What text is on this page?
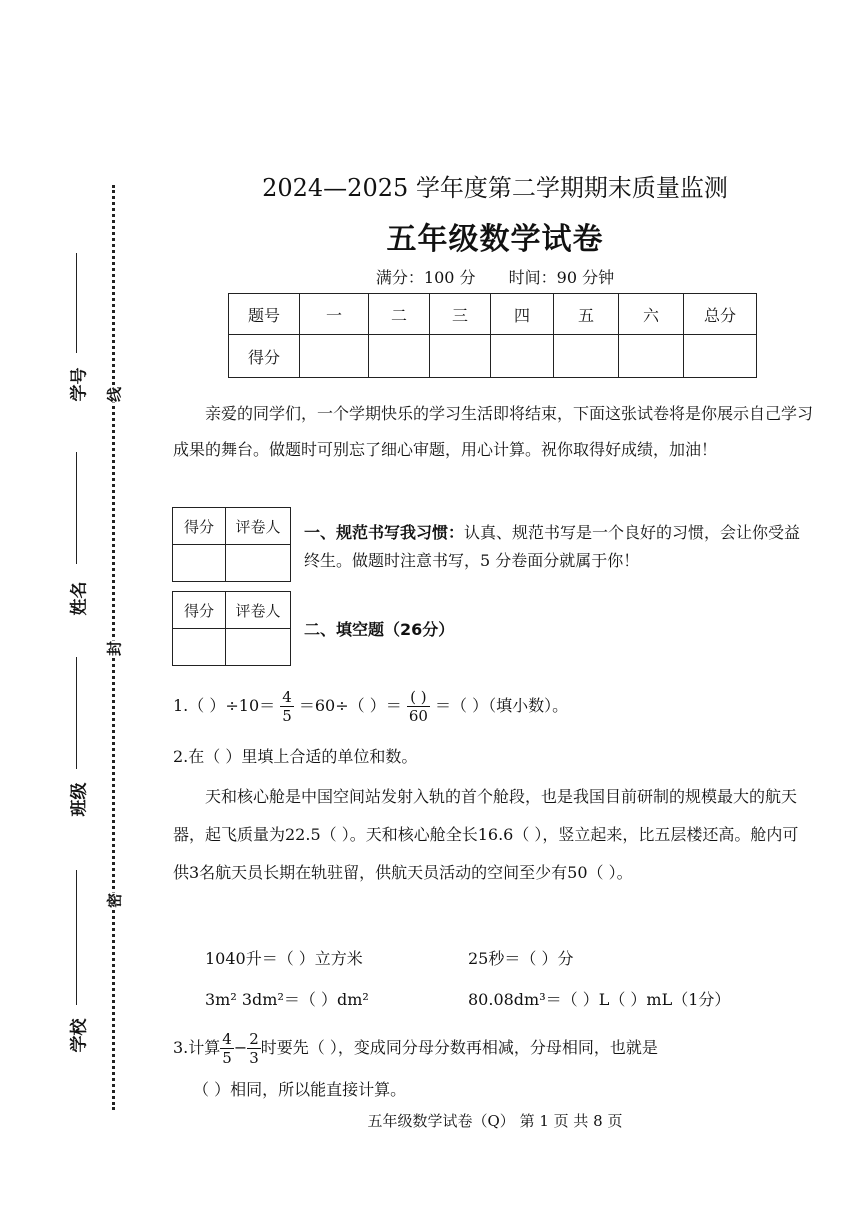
学号
姓名
班级
学校
线
封
密
2024—2025 学年度第二学期期末质量监测
五年级数学试卷
满分：100 分 时间：90 分钟
题号	一	二	三	四	五	六	总分
得分							
亲爱的同学们，一个学期快乐的学习生活即将结束，下面这张试卷将是你展示自己学习成果的舞台。做题时可别忘了细心审题，用心计算。祝你取得好成绩，加油！
得分	评卷人
	一、规范书写我习惯：认真、规范书写是一个良好的习惯，会让你受益终生。做题时注意书写，5 分卷面分就属于你！
得分	评卷人

二、填空题（26分）
1.（ ）$\div 10= \frac{4}{5} =60\div$（ ）＝ $\frac{( )}{60}$ ＝（ ）（填小数）。
2.在（ ）里填上合适的单位和数。
天和核心舱是中国空间站发射入轨的首个舱段，也是我国目前研制的规模最大的航天器，起飞质量为22.5（ ）。天和核心舱全长16.6（ ），竖立起来，比五层楼还高。舱内可供3名航天员长期在轨驻留，供航天员活动的空间至少有50（ ）。
1040升＝（ ）立方米	25秒＝（ ）分
3m² 3dm²＝（ ）dm²	80.08dm³＝（ ）L（ ）mL（1分）
3.计算 $\frac{4}{5} - \frac{2}{3}$ 时要先（ ），变成同分母分数再相减，分母相同，也就是
（ ）相同，所以能直接计算。
五年级数学试卷（Q） 第 1 页 共 8 页
